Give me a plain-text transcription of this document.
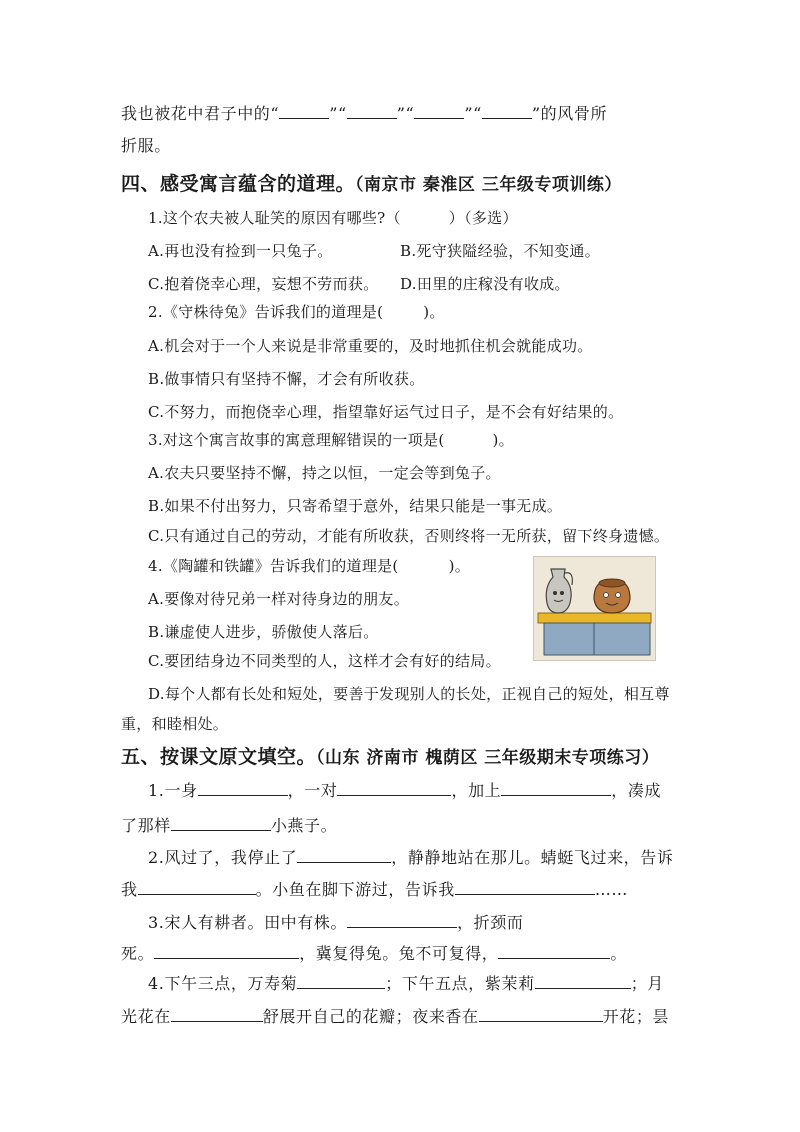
我也被花中君子中的“	”“	”“	”“	”的风骨所
折服。
四、感受寓言蕴含的道理。（南京市 秦淮区 三年级专项训练）
1.这个农夫被人耻笑的原因有哪些?（	）（多选）
A.再也没有捡到一只兔子。	B.死守狭隘经验，不知变通。
C.抱着侥幸心理，妄想不劳而获。 D.田里的庄稼没有收成。
2.《守株待兔》告诉我们的道理是(	)。
A.机会对于一个人来说是非常重要的，及时地抓住机会就能成功。
B.做事情只有坚持不懈，才会有所收获。
C.不努力，而抱侥幸心理，指望靠好运气过日子，是不会有好结果的。
3.对这个寓言故事的寓意理解错误的一项是(	)。
A.农夫只要坚持不懈，持之以恒，一定会等到兔子。
B.如果不付出努力，只寄希望于意外，结果只能是一事无成。
C.只有通过自己的劳动，才能有所收获，否则终将一无所获，留下终身遗憾。
4.《陶罐和铁罐》告诉我们的道理是(	)。
A.要像对待兄弟一样对待身边的朋友。
B.谦虚使人进步，骄傲使人落后。
C.要团结身边不同类型的人，这样才会有好的结局。
D.每个人都有长处和短处，要善于发现别人的长处，正视自己的短处，相互尊
重，和睦相处。
五、按课文原文填空。（山东 济南市 槐荫区 三年级期末专项练习）
1.一身	，一对	，加上	，凑成
了那样	小燕子。
2.风过了，我停止了	，静静地站在那儿。蜻蜓飞过来，告诉
我	。小鱼在脚下游过，告诉我	……
3.宋人有耕者。田中有株。	，折颈而
死。	，冀复得兔。兔不可复得，	。
4.下午三点，万寿菊	；下午五点，紫茉莉	；月
光花在	舒展开自己的花瓣；夜来香在	开花；昙
